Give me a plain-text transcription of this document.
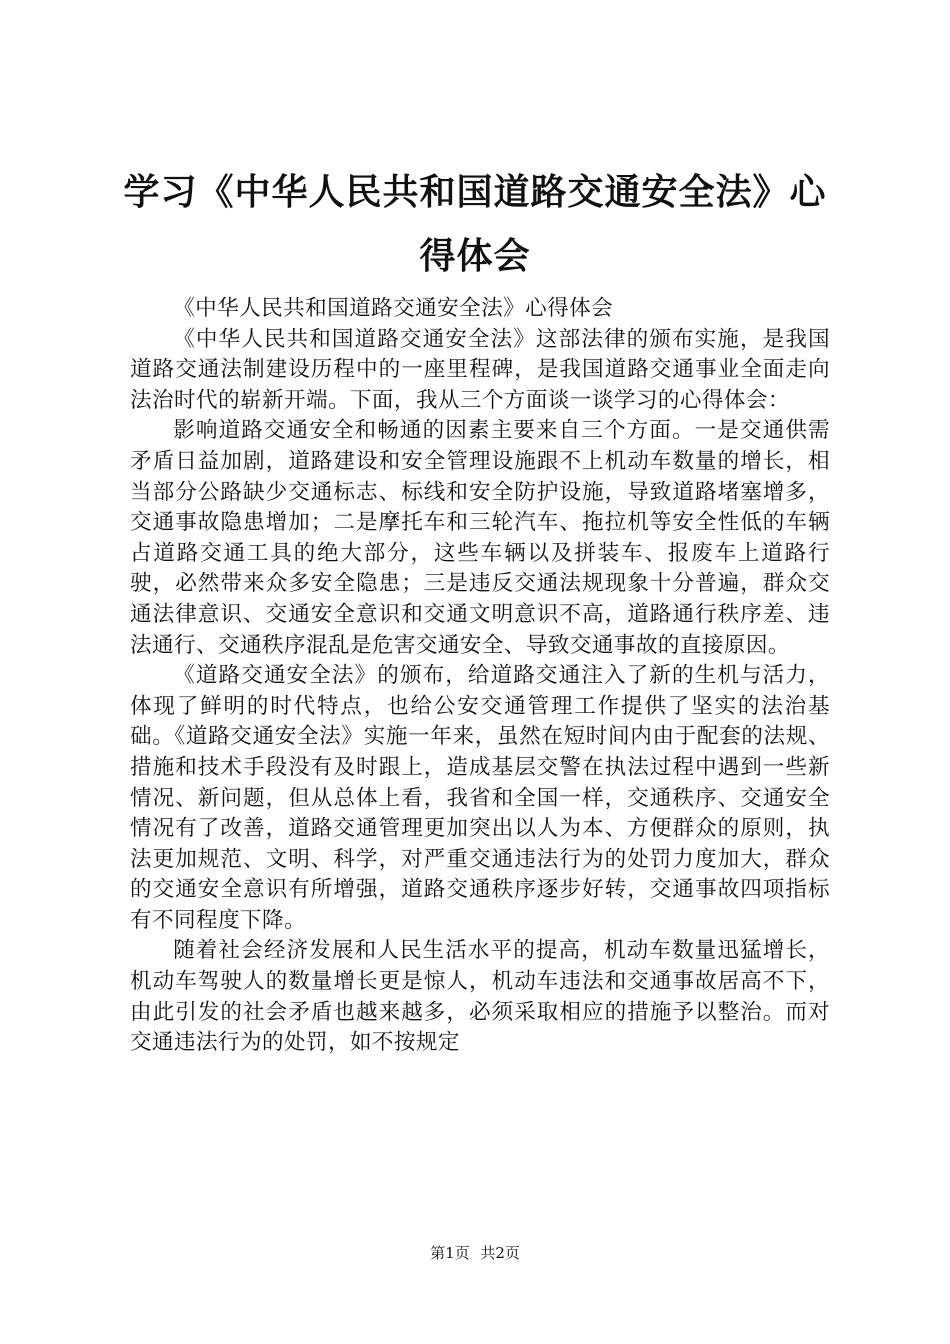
学习《中华人民共和国道路交通安全法》心得体会

《中华人民共和国道路交通安全法》心得体会

《中华人民共和国道路交通安全法》这部法律的颁布实施，是我国道路交通法制建设历程中的一座里程碑，是我国道路交通事业全面走向法治时代的崭新开端。下面，我从三个方面谈一谈学习的心得体会：

影响道路交通安全和畅通的因素主要来自三个方面。一是交通供需矛盾日益加剧，道路建设和安全管理设施跟不上机动车数量的增长，相当部分公路缺少交通标志、标线和安全防护设施，导致道路堵塞增多，交通事故隐患增加；二是摩托车和三轮汽车、拖拉机等安全性低的车辆占道路交通工具的绝大部分，这些车辆以及拼装车、报废车上道路行驶，必然带来众多安全隐患；三是违反交通法规现象十分普遍，群众交通法律意识、交通安全意识和交通文明意识不高，道路通行秩序差、违法通行、交通秩序混乱是危害交通安全、导致交通事故的直接原因。

《道路交通安全法》的颁布，给道路交通注入了新的生机与活力，体现了鲜明的时代特点，也给公安交通管理工作提供了坚实的法治基础。《道路交通安全法》实施一年来，虽然在短时间内由于配套的法规、措施和技术手段没有及时跟上，造成基层交警在执法过程中遇到一些新情况、新问题，但从总体上看，我省和全国一样，交通秩序、交通安全情况有了改善，道路交通管理更加突出以人为本、方便群众的原则，执法更加规范、文明、科学，对严重交通违法行为的处罚力度加大，群众的交通安全意识有所增强，道路交通秩序逐步好转，交通事故四项指标有不同程度下降。

随着社会经济发展和人民生活水平的提高，机动车数量迅猛增长，机动车驾驶人的数量增长更是惊人，机动车违法和交通事故居高不下，由此引发的社会矛盾也越来越多，必须采取相应的措施予以整治。而对交通违法行为的处罚，如不按规定

第1页 共2页
